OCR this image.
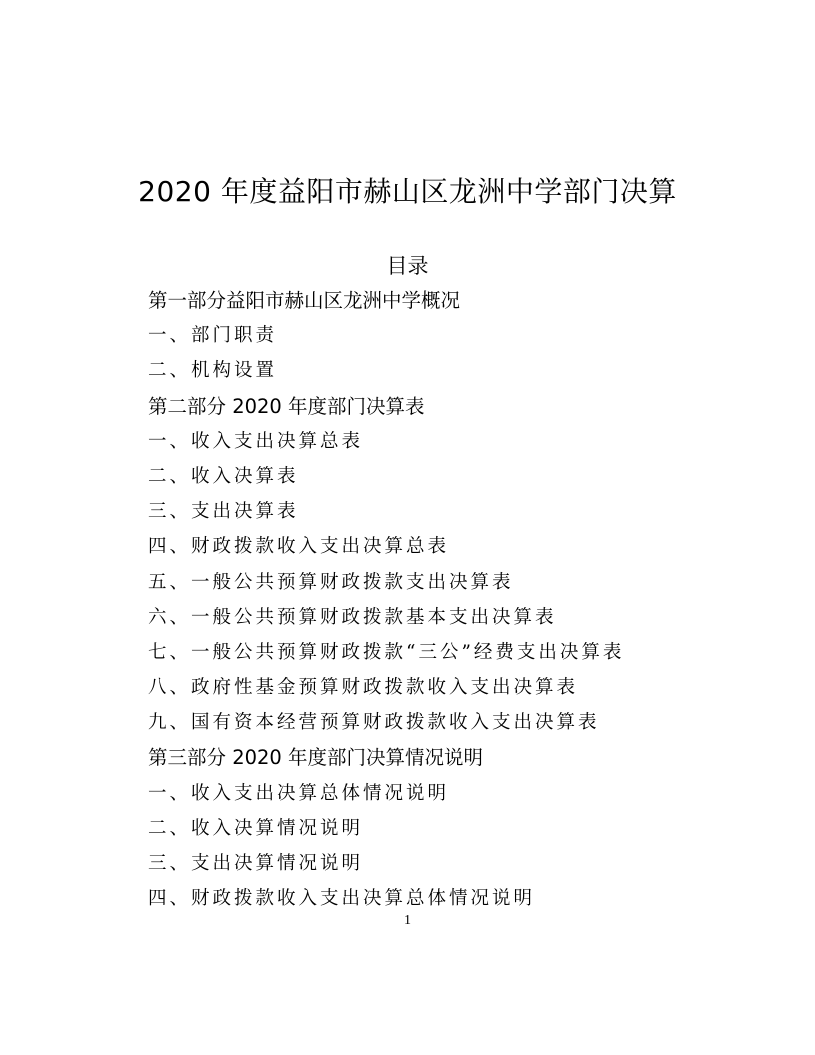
2020 年度益阳市赫山区龙洲中学部门决算
目录
第一部分益阳市赫山区龙洲中学概况
一、部门职责
二、机构设置
第二部分 2020 年度部门决算表
一、收入支出决算总表
二、收入决算表
三、支出决算表
四、财政拨款收入支出决算总表
五、一般公共预算财政拨款支出决算表
六、一般公共预算财政拨款基本支出决算表
七、一般公共预算财政拨款“三公”经费支出决算表
八、政府性基金预算财政拨款收入支出决算表
九、国有资本经营预算财政拨款收入支出决算表
第三部分 2020 年度部门决算情况说明
一、收入支出决算总体情况说明
二、收入决算情况说明
三、支出决算情况说明
四、财政拨款收入支出决算总体情况说明
1
